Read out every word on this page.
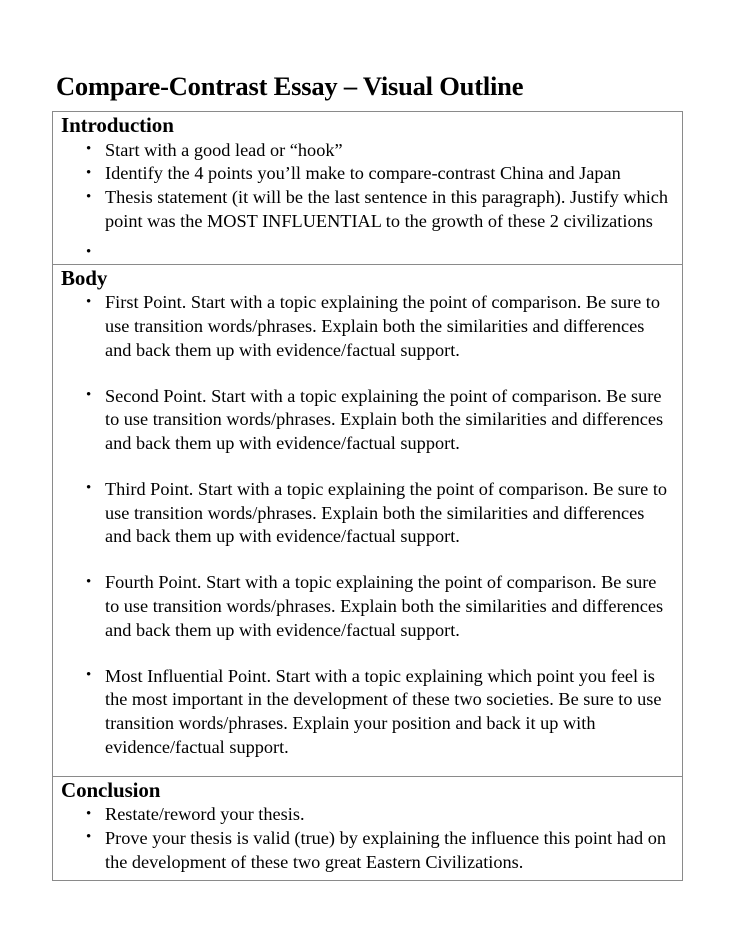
Compare-Contrast Essay – Visual Outline
Introduction
• Start with a good lead or “hook”
• Identify the 4 points you’ll make to compare-contrast China and Japan
• Thesis statement (it will be the last sentence in this paragraph). Justify which point was the MOST INFLUENTIAL to the growth of these 2 civilizations
•
Body
• First Point. Start with a topic explaining the point of comparison. Be sure to use transition words/phrases. Explain both the similarities and differences and back them up with evidence/factual support.
• Second Point. Start with a topic explaining the point of comparison. Be sure to use transition words/phrases. Explain both the similarities and differences and back them up with evidence/factual support.
• Third Point. Start with a topic explaining the point of comparison. Be sure to use transition words/phrases. Explain both the similarities and differences and back them up with evidence/factual support.
• Fourth Point. Start with a topic explaining the point of comparison. Be sure to use transition words/phrases. Explain both the similarities and differences and back them up with evidence/factual support.
• Most Influential Point. Start with a topic explaining which point you feel is the most important in the development of these two societies. Be sure to use transition words/phrases. Explain your position and back it up with evidence/factual support.
Conclusion
• Restate/reword your thesis.
• Prove your thesis is valid (true) by explaining the influence this point had on the development of these two great Eastern Civilizations.
